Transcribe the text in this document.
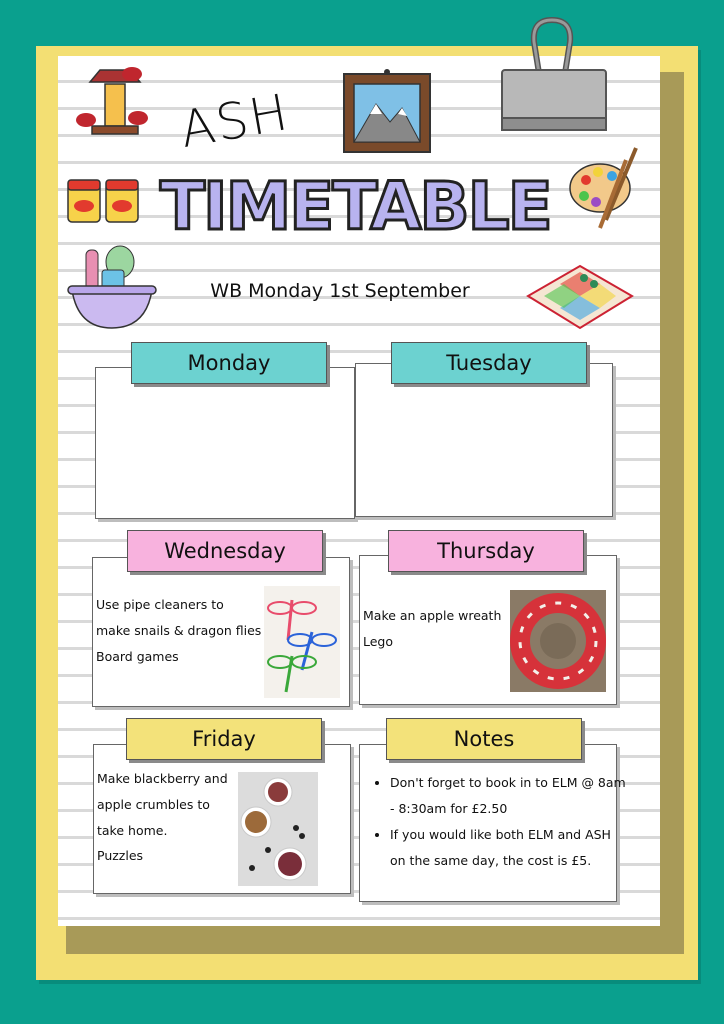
ASH
TIMETABLE
WB Monday 1st September
Monday	Tuesday
Wednesday
Use pipe cleaners to
make snails & dragon flies
Board games
Thursday
Make an apple wreath
Lego
Friday
Make blackberry and
apple crumbles to
take home.
Puzzles
Notes
• Don't forget to book in to ELM @ 8am - 8:30am for £2.50
• If you would like both ELM and ASH on the same day, the cost is £5.
